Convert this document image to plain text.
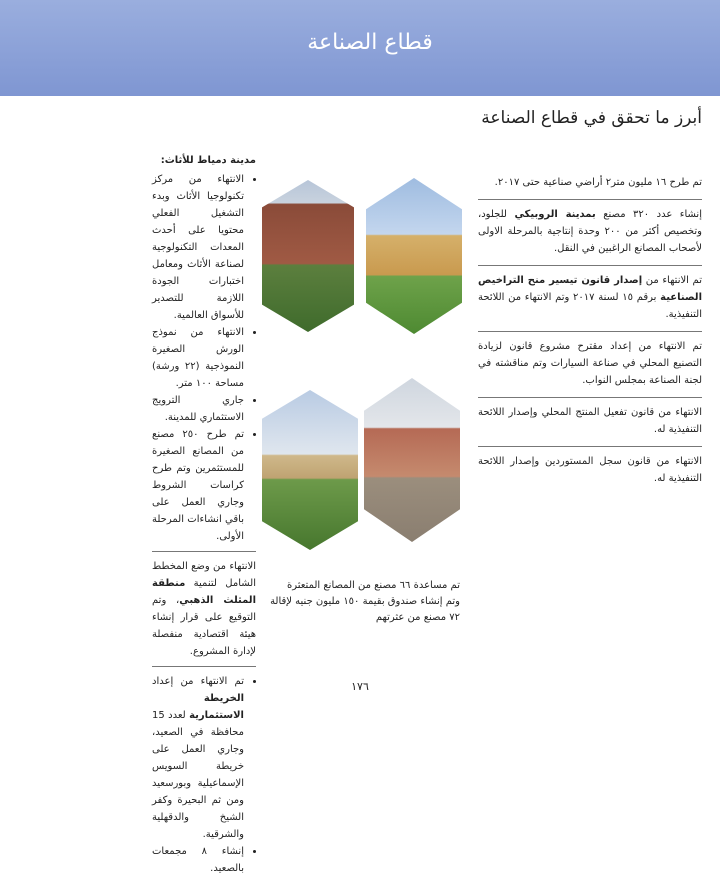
قطاع الصناعة
أبرز ما تحقق في قطاع الصناعة
تم طرح ١٦ مليون متر٢ أراضي صناعية حتى ٢٠١٧.
إنشاء عدد ٣٢٠ مصنع بمدينة الروبيكي للجلود، وتخصيص أكثر من ٢٠٠ وحدة إنتاجية بالمرحلة الاولى لأصحاب المصانع الراغبين في النقل.
تم الانتهاء من إصدار قانون تيسير منح التراخيص الصناعية برقم ١٥ لسنة ٢٠١٧ وتم الانتهاء من اللائحة التنفيذية.
تم الانتهاء من إعداد مقترح مشروع قانون لزيادة التصنيع المحلي في صناعة السيارات وتم مناقشته في لجنة الصناعة بمجلس النواب.
الانتهاء من قانون تفعيل المنتج المحلي وإصدار اللائحة التنفيذية له.
الانتهاء من قانون سجل المستوردين وإصدار اللائحة التنفيذية له.
مدينة دمياط للأثاث:
• الانتهاء من مركز تكنولوجيا الأثاث وبدء التشغيل الفعلي محتويا على أحدث المعدات التكنولوجية لصناعة الأثاث ومعامل اختبارات الجودة اللازمة للتصدير للأسواق العالمية.
• الانتهاء من نموذج الورش الصغيرة النموذجية (٢٢ ورشة) مساحة ١٠٠ متر.
• جاري الترويج الاستثماري للمدينة.
• تم طرح ٢٥٠ مصنع من المصانع الصغيرة للمستثمرين وتم طرح كراسات الشروط وجاري العمل على باقي انشاءات المرحلة الأولى.
الانتهاء من وضع المخطط الشامل لتنمية منطقة المثلث الذهبي، وتم التوقيع على قرار إنشاء هيئة اقتصادية منفصلة لإدارة المشروع.
• تم الانتهاء من إعداد الخريطة الاستثمارية لعدد 15 محافظة في الصعيد، وجاري العمل على خريطة السويس الإسماعيلية وبورسعيد ومن ثم البحيرة وكفر الشيخ والدقهلية والشرقية.
• إنشاء ٨ مجمعات بالصعيد.
تم مساعدة ٦٦ مصنع من المصانع المتعثرة وتم إنشاء صندوق بقيمة ١٥٠ مليون جنيه لإقالة ٧٢ مصنع من عثرتهم
١٧٦
